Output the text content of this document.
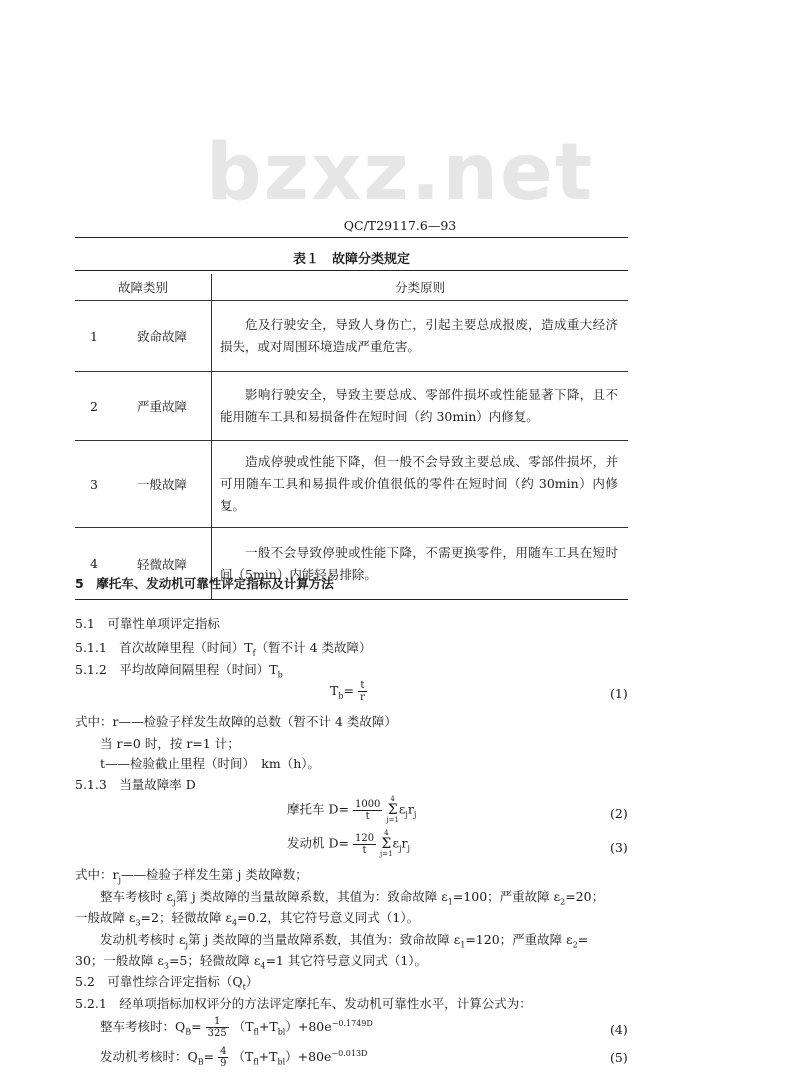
bzxz.net
QC/T29117.6—93
表１　故障分类规定
故障类别		分类原则
1	致命故障	危及行驶安全，导致人身伤亡，引起主要总成报废，造成重大经济损失，或对周围环境造成严重危害。
2	严重故障	影响行驶安全，导致主要总成、零部件损坏或性能显著下降，且不能用随车工具和易损备件在短时间（约 30min）内修复。
3	一般故障	造成停驶或性能下降，但一般不会导致主要总成、零部件损坏，并可用随车工具和易损件或价值很低的零件在短时间（约 30min）内修复。
4	轻微故障	一般不会导致停驶或性能下降，不需更换零件，用随车工具在短时间（5min）内能轻易排除。
5　摩托车、发动机可靠性评定指标及计算方法
5.1　可靠性单项评定指标
5.1.1　首次故障里程（时间）$T_f$（暂不计 4 类故障）
5.1.2　平均故障间隔里程（时间）$T_b$
$T_b= \frac{t}{r}$	(1)
式中：r——检验子样发生故障的总数（暂不计 4 类故障）
当 r=0 时，按 r=1 计；
t——检验截止里程（时间）　km（h）。
5.1.3　当量故障率 D
摩托车 $D= \frac{1000}{t} 4$
Σ
$j=1\varepsilon_jr_j$	(2)
发动机 $D= \frac{120}{t} 4$
Σ
$j=1\varepsilon_jr_j$	(3)
式中：$r_j——$检验子样发生第 j 类故障数；
整车考核时 $\varepsilon_j$第 j 类故障的当量故障系数，其值为：致命故障 $\varepsilon_1=100$；严重故障 $\varepsilon_2=20$；
一般故障 $\varepsilon_3=2$；轻微故障 $\varepsilon_4=0.2$，其它符号意义同式（1）。
发动机考核时 $\varepsilon_j$第 j 类故障的当量故障系数，其值为：致命故障 $\varepsilon_1=120$；严重故障 $\varepsilon_2=$
30；一般故障 $\varepsilon_3=5$；轻微故障 $\varepsilon_4=1$ 其它符号意义同式（1）。
5.2　可靠性综合评定指标$(Q_t)$
5.2.1　经单项指标加权评分的方法评定摩托车、发动机可靠性水平，计算公式为：
整车考核时：$Q_B= \frac{1}{325} (T_{fl}+T_{bl})+80e^{-0.1749D}$	(4)
发动机考核时：$Q_B= \frac{4}{9} (T_{fl}+T_{bl})+80e^{-0.013D}$	(5)
